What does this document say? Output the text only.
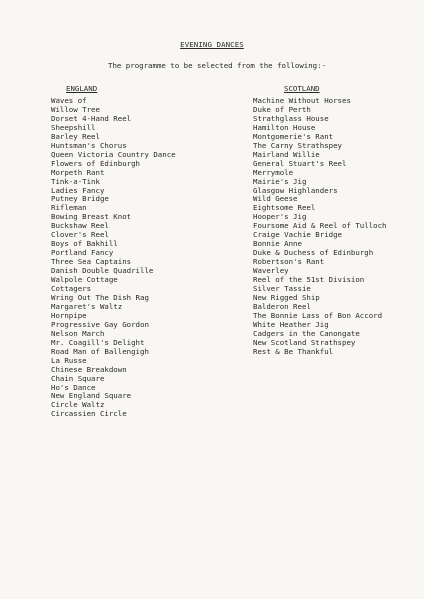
EVENING DANCES
The programme to be selected from the following:-
ENGLAND	SCOTLAND
Waves of
Willow Tree
Dorset 4-Hand Reel
Sheepshill
Barley Reel
Huntsman's Chorus
Queen Victoria Country Dance
Flowers of Edinburgh
Morpeth Rant
Tink-a-Tink
Ladies Fancy
Putney Bridge
Rifleman
Bowing Breast Knot
Buckshaw Reel
Clover's Reel
Boys of Bakhill
Portland Fancy
Three Sea Captains
Danish Double Quadrille
Walpole Cottage
Cottagers
Wring Out The Dish Rag
Margaret's Waltz
Hornpipe
Progressive Gay Gordon
Nelson March
Mr. Coagill's Delight
Road Man of Ballengigh
La Russe
Chinese Breakdown
Chain Square
Ho's Dance
New England Square
Circle Waltz
Circassien Circle
Machine Without Horses
Duke of Perth
Strathglass House
Hamilton House
Montgomerie's Rant
The Carny Strathspey
Mairland Willie
General Stuart's Reel
Merrymole
Mairie's Jig
Glasgow Highlanders
Wild Geese
Eightsome Reel
Hooper's Jig
Foursome Aid & Reel of Tulloch
Craige Vachie Bridge
Bonnie Anne
Duke & Duchess of Edinburgh
Robertson's Rant
Waverley
Reel of the 51st Division
Silver Tassie
New Rigged Ship
Balderon Reel
The Bonnie Lass of Bon Accord
White Heather Jig
Cadgers in the Canongate
New Scotland Strathspey
Rest & Be Thankful
